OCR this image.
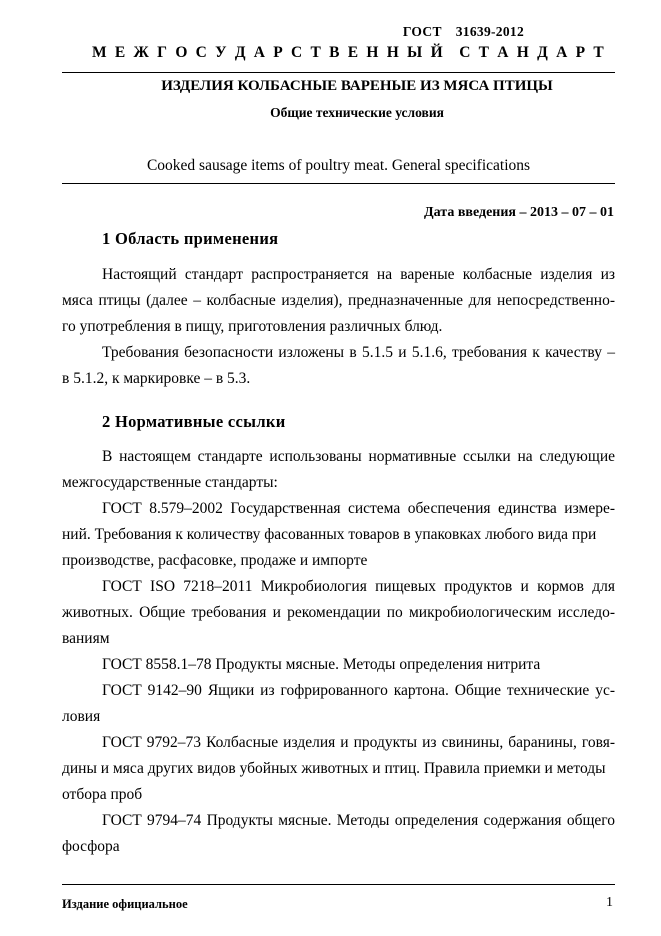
ГОСТ 31639-2012
М Е Ж Г О С У Д А Р С Т В Е Н Н Ы Й С Т А Н Д А Р Т
ИЗДЕЛИЯ КОЛБАСНЫЕ ВАРЕНЫЕ ИЗ МЯСА ПТИЦЫ
Общие технические условия
Cooked sausage items of poultry meat. General specifications
Дата введения – 2013 – 07 – 01
1 Область применения
Настоящий стандарт распространяется на вареные колбасные изделия из
мяса птицы (далее – колбасные изделия), предназначенные для непосредственно-
го употребления в пищу, приготовления различных блюд.
Требования безопасности изложены в 5.1.5 и 5.1.6, требования к качеству –
в 5.1.2, к маркировке – в 5.3.
2 Нормативные ссылки
В настоящем стандарте использованы нормативные ссылки на следующие
межгосударственные стандарты:
ГОСТ 8.579–2002 Государственная система обеспечения единства измере-
ний. Требования к количеству фасованных товаров в упаковках любого вида при
производстве, расфасовке, продаже и импорте
ГОСТ ISO 7218–2011 Микробиология пищевых продуктов и кормов для
животных. Общие требования и рекомендации по микробиологическим исследо-
ваниям
ГОСТ 8558.1–78 Продукты мясные. Методы определения нитрита
ГОСТ 9142–90 Ящики из гофрированного картона. Общие технические ус-
ловия
ГОСТ 9792–73 Колбасные изделия и продукты из свинины, баранины, говя-
дины и мяса других видов убойных животных и птиц. Правила приемки и методы
отбора проб
ГОСТ 9794–74 Продукты мясные. Методы определения содержания общего
фосфора
Издание официальное	1
